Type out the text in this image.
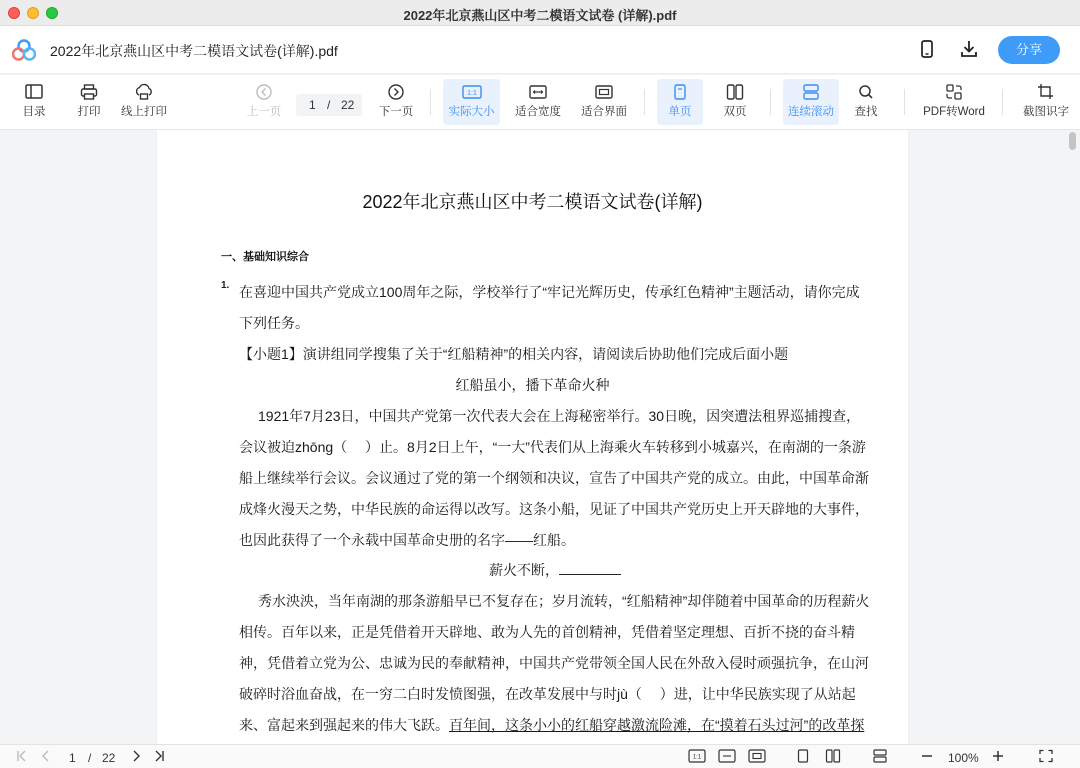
2022年北京燕山区中考二模语文试卷 (详解).pdf
2022年北京燕山区中考二模语文试卷(详解).pdf	分享
目录	打印	线上打印	上一页 1 / 22 下一页
1:1
实际大小	适合宽度 适合界面	单页	双页	连续滚动	查找	PDF转Word	截图识字
2022年北京燕山区中考二模语文试卷(详解)
一、基础知识综合
1. 在喜迎中国共产党成立100周年之际，学校举行了“牢记光辉历史，传承红色精神”主题活动，请你完成
下列任务。
【小题1】演讲组同学搜集了关于“红船精神”的相关内容，请阅读后协助他们完成后面小题
红船虽小，播下革命火种
1921年7月23日，中国共产党第一次代表大会在上海秘密举行。30日晚，因突遭法租界巡捕搜查，
会议被迫zhōng（　 ）止。8月2日上午，“一大”代表们从上海乘火车转移到小城嘉兴，在南湖的一条游
船上继续举行会议。会议通过了党的第一个纲领和决议，宣告了中国共产党的成立。由此，中国革命渐
成烽火漫天之势，中华民族的命运得以改写。这条小船，见证了中国共产党历史上开天辟地的大事件，
也因此获得了一个永载中国革命史册的名字——红船。
薪火不断，
秀水泱泱，当年南湖的那条游船早已不复存在；岁月流转，“红船精神”却伴随着中国革命的历程薪火
相传。百年以来，正是凭借着开天辟地、敢为人先的首创精神，凭借着坚定理想、百折不挠的奋斗精
神，凭借着立党为公、忠诚为民的奉献精神，中国共产党带领全国人民在外敌入侵时顽强抗争，在山河
破碎时浴血奋战，在一穷二白时发愤图强，在改革发展中与时jù（　 ）进，让中华民族实现了从站起
来、富起来到强起来的伟大飞跃。百年间，这条小小的红船穿越激流险滩，在“摸着石头过河”的改革探
1 / 22	1:1	100%
